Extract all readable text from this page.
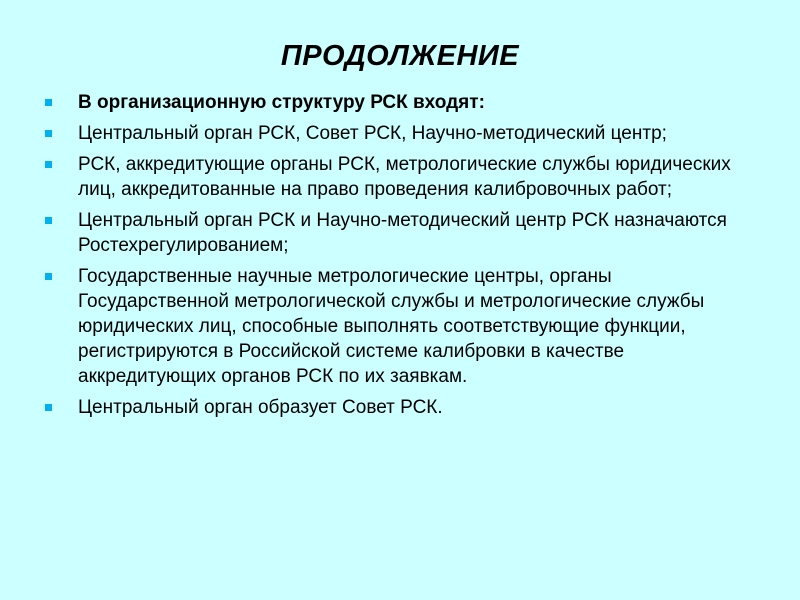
ПРОДОЛЖЕНИЕ
В организационную структуру РСК входят:
Центральный орган РСК, Совет РСК, Научно-методический центр;
РСК, аккредитующие органы РСК, метрологические службы юридических лиц, аккредитованные на право проведения калибровочных работ;
Центральный орган РСК и Научно-методический центр РСК назначаются Ростехрегулированием;
Государственные научные метрологические центры, органы Государственной метрологической службы и метрологические службы юридических лиц, способные выполнять соответствующие функции, регистрируются в Российской системе калибровки в качестве аккредитующих органов РСК по их заявкам.
Центральный орган образует Совет РСК.
